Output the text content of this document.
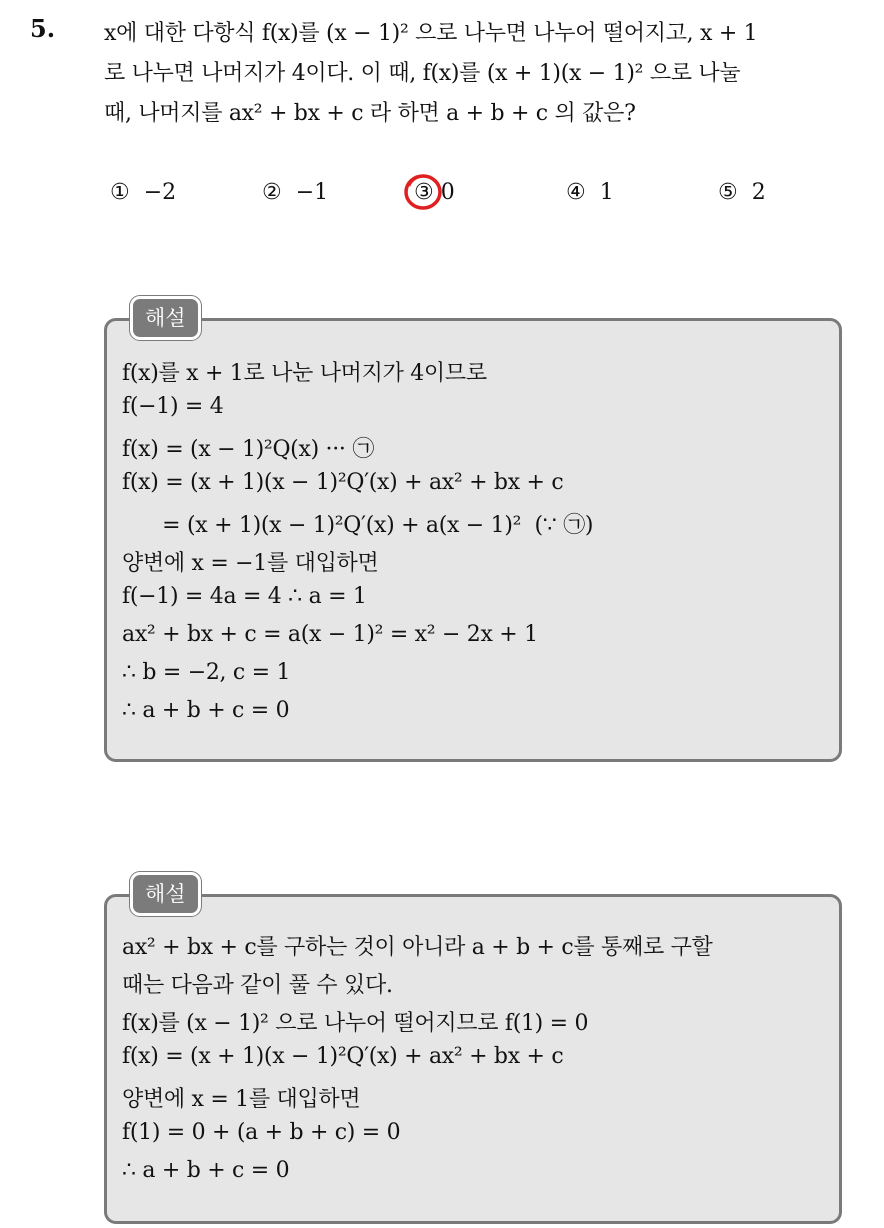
5. x에 대한 다항식 f(x)를 (x − 1)² 으로 나누면 나누어 떨어지고, x + 1
로 나누면 나머지가 4이다. 이 때, f(x)를 (x + 1)(x − 1)² 으로 나눌
때, 나머지를 ax² + bx + c 라 하면 a + b + c 의 값은?
① −2	② −1	③ 0	④ 1	⑤ 2
해설
f(x)를 x + 1로 나눈 나머지가 4이므로
f(−1) = 4
f(x) = (x − 1)²Q(x) ··· ㉠
f(x) = (x + 1)(x − 1)²Q′(x) + ax² + bx + c
= (x + 1)(x − 1)²Q′(x) + a(x − 1)²  (∵ ㉠)
양변에 x = −1를 대입하면
f(−1) = 4a = 4 ∴ a = 1
ax² + bx + c = a(x − 1)² = x² − 2x + 1
∴ b = −2, c = 1
∴ a + b + c = 0
해설
ax² + bx + c를 구하는 것이 아니라 a + b + c를 통째로 구할
때는 다음과 같이 풀 수 있다.
f(x)를 (x − 1)² 으로 나누어 떨어지므로 f(1) = 0
f(x) = (x + 1)(x − 1)²Q′(x) + ax² + bx + c
양변에 x = 1를 대입하면
f(1) = 0 + (a + b + c) = 0
∴ a + b + c = 0
